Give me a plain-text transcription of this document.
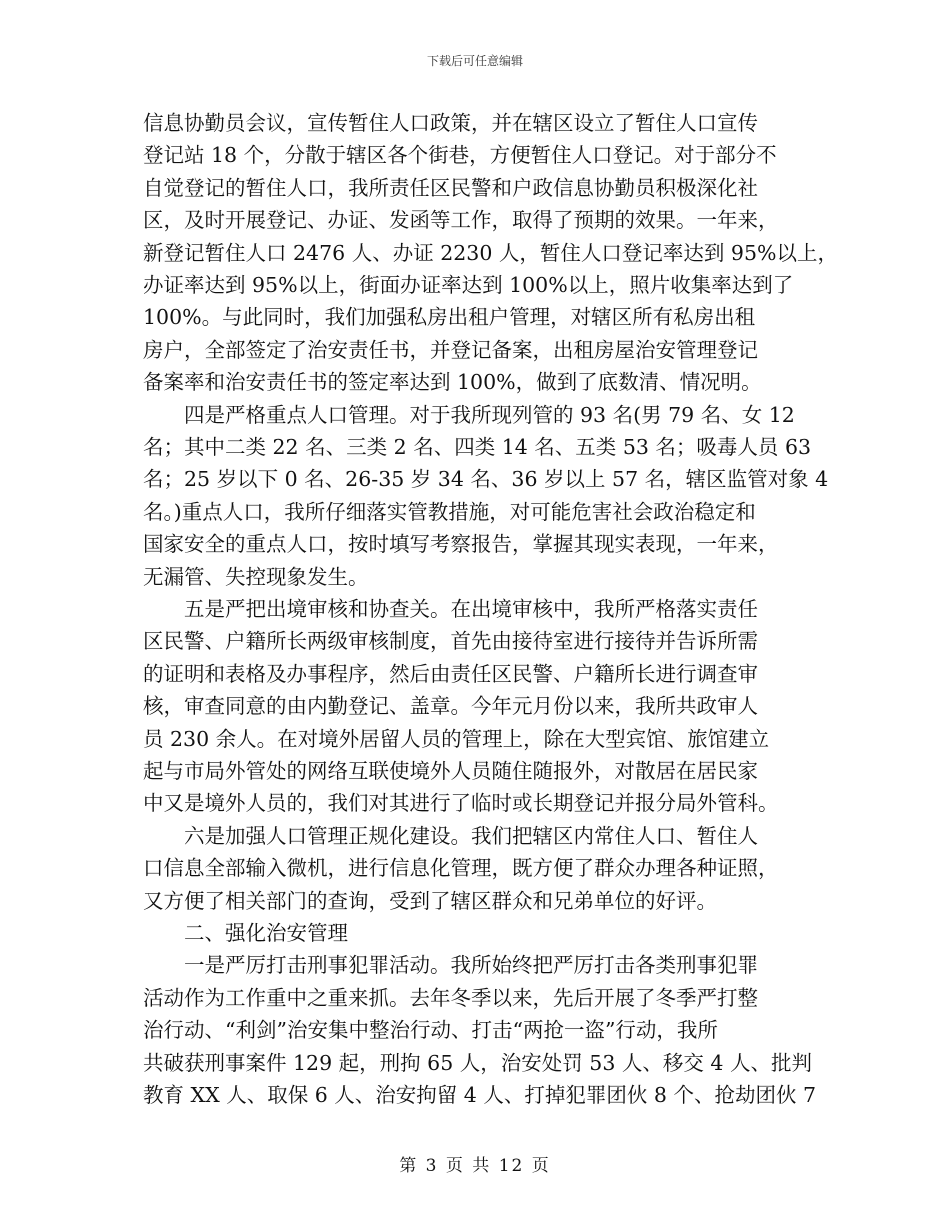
下载后可任意编辑
信息协勤员会议，宣传暂住人口政策，并在辖区设立了暂住人口宣传
登记站 18 个，分散于辖区各个街巷，方便暂住人口登记。对于部分不
自觉登记的暂住人口，我所责任区民警和户政信息协勤员积极深化社
区，及时开展登记、办证、发函等工作，取得了预期的效果。一年来，
新登记暂住人口 2476 人、办证 2230 人，暂住人口登记率达到 95%以上，
办证率达到 95%以上，街面办证率达到 100%以上，照片收集率达到了
100%。与此同时，我们加强私房出租户管理，对辖区所有私房出租
房户，全部签定了治安责任书，并登记备案，出租房屋治安管理登记
备案率和治安责任书的签定率达到 100%，做到了底数清、情况明。
　　四是严格重点人口管理。对于我所现列管的 93 名(男 79 名、女 12
名；其中二类 22 名、三类 2 名、四类 14 名、五类 53 名；吸毒人员 63
名；25 岁以下 0 名、26-35 岁 34 名、36 岁以上 57 名，辖区监管对象 4
名。)重点人口，我所仔细落实管教措施，对可能危害社会政治稳定和
国家安全的重点人口，按时填写考察报告，掌握其现实表现，一年来，
无漏管、失控现象发生。
　　五是严把出境审核和协查关。在出境审核中，我所严格落实责任
区民警、户籍所长两级审核制度，首先由接待室进行接待并告诉所需
的证明和表格及办事程序，然后由责任区民警、户籍所长进行调查审
核，审查同意的由内勤登记、盖章。今年元月份以来，我所共政审人
员 230 余人。在对境外居留人员的管理上，除在大型宾馆、旅馆建立
起与市局外管处的网络互联使境外人员随住随报外，对散居在居民家
中又是境外人员的，我们对其进行了临时或长期登记并报分局外管科。
　　六是加强人口管理正规化建设。我们把辖区内常住人口、暂住人
口信息全部输入微机，进行信息化管理，既方便了群众办理各种证照，
又方便了相关部门的查询，受到了辖区群众和兄弟单位的好评。
　　二、强化治安管理
　　一是严厉打击刑事犯罪活动。我所始终把严厉打击各类刑事犯罪
活动作为工作重中之重来抓。去年冬季以来，先后开展了冬季严打整
治行动、“利剑”治安集中整治行动、打击“两抢一盗”行动，我所
共破获刑事案件 129 起，刑拘 65 人，治安处罚 53 人、移交 4 人、批判
教育 XX 人、取保 6 人、治安拘留 4 人、打掉犯罪团伙 8 个、抢劫团伙 7
第 3 页 共 12 页
